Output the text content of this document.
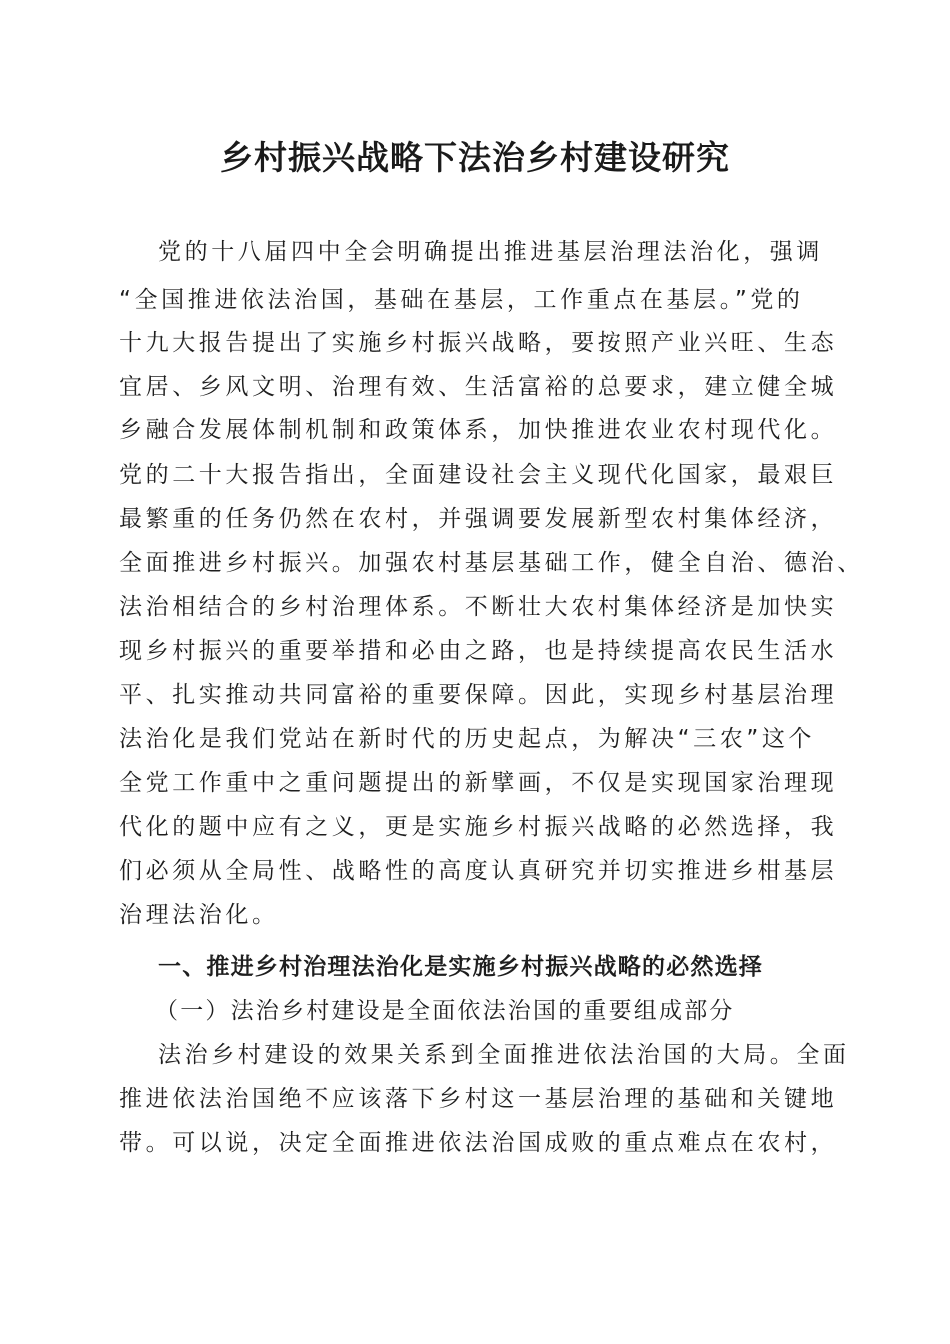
乡村振兴战略下法治乡村建设研究

党的十八届四中全会明确提出推进基层治理法治化，强调

“全国推进依法治国，基础在基层，工作重点在基层。”党的

十九大报告提出了实施乡村振兴战略，要按照产业兴旺、生态

宜居、乡风文明、治理有效、生活富裕的总要求，建立健全城

乡融合发展体制机制和政策体系，加快推进农业农村现代化。

党的二十大报告指出，全面建设社会主义现代化国家，最艰巨

最繁重的任务仍然在农村，并强调要发展新型农村集体经济，

全面推进乡村振兴。加强农村基层基础工作，健全自治、德治、

法治相结合的乡村治理体系。不断壮大农村集体经济是加快实

现乡村振兴的重要举措和必由之路，也是持续提高农民生活水

平、扎实推动共同富裕的重要保障。因此，实现乡村基层治理

法治化是我们党站在新时代的历史起点，为解决“三农”这个

全党工作重中之重问题提出的新擘画，不仅是实现国家治理现

代化的题中应有之义，更是实施乡村振兴战略的必然选择，我

们必须从全局性、战略性的高度认真研究并切实推进乡柑基层

治理法治化。

一、推进乡村治理法治化是实施乡村振兴战略的必然选择

（一）法治乡村建设是全面依法治国的重要组成部分

法治乡村建设的效果关系到全面推进依法治国的大局。全面

推进依法治国绝不应该落下乡村这一基层治理的基础和关键地

带。可以说，决定全面推进依法治国成败的重点难点在农村，
